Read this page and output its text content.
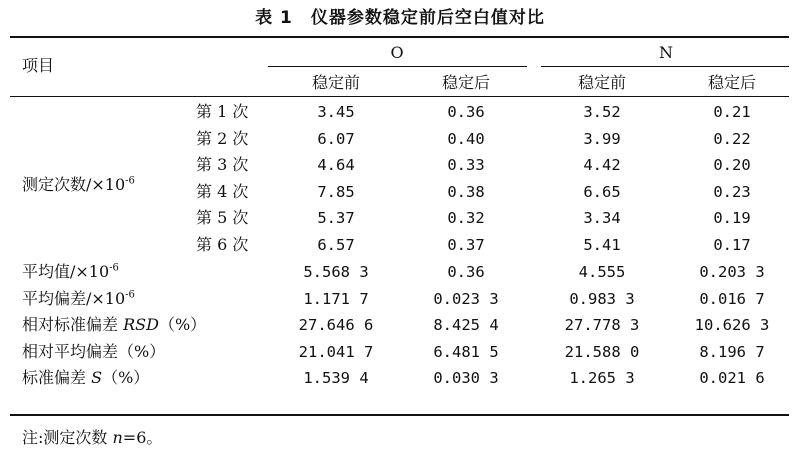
表 1　仪器参数稳定前后空白值对比
项目
O	N
稳定前	稳定后	稳定前	稳定后
测定次数$/\times 10^{-6}$
第 1 次	3.45	0.36	3.52	0.21
第 2 次	6.07	0.40	3.99	0.22
第 3 次	4.64	0.33	4.42	0.20
第 4 次	7.85	0.38	6.65	0.23
第 5 次	5.37	0.32	3.34	0.19
第 6 次	6.57	0.37	5.41	0.17
平均值$/\times 10^{-6}$	5.568 3	0.36	4.555	0.203 3
平均偏差$/\times 10^{-6}$	1.171 7	0.023 3	0.983 3	0.016 7
相对标准偏差 RSD（%）	27.646 6	8.425 4	27.778 3	10.626 3
相对平均偏差（%）	21.041 7	6.481 5	21.588 0	8.196 7
标准偏差 S（%）	1.539 4	0.030 3	1.265 3	0.021 6
注:测定次数 n=6。
